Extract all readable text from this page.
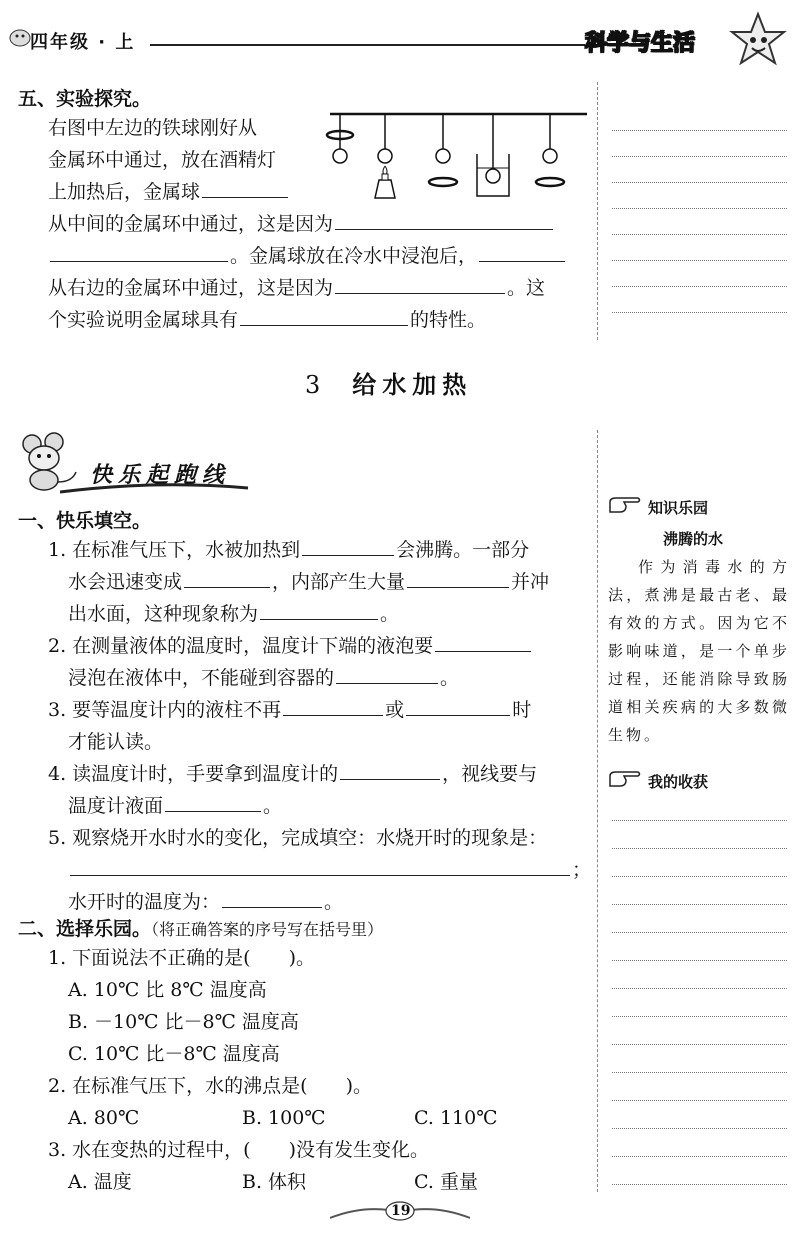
四年级 · 上	科学与生活
五、实验探究。
右图中左边的铁球刚好从
金属环中通过，放在酒精灯
上加热后，金属球
从中间的金属环中通过，这是因为
。金属球放在冷水中浸泡后，
从右边的金属环中通过，这是因为	。这
个实验说明金属球具有	的特性。
3 给水加热
快乐起跑线
知识乐园
沸腾的水
作为消毒水的方法，煮沸是最古老、最有效的方式。因为它不影响味道，是一个单步过程，还能消除导致肠道相关疾病的大多数微生物。
我的收获
一、快乐填空。
1. 在标准气压下，水被加热到	会沸腾。一部分
水会迅速变成	，内部产生大量	并冲
出水面，这种现象称为	。
2. 在测量液体的温度时，温度计下端的液泡要
浸泡在液体中，不能碰到容器的	。
3. 要等温度计内的液柱不再	或	时
才能认读。
4. 读温度计时，手要拿到温度计的	，视线要与
温度计液面	。
5. 观察烧开水时水的变化，完成填空：水烧开时的现象是：
；
水开时的温度为：	。
二、选择乐园。（将正确答案的序号写在括号里）
1. 下面说法不正确的是(　　)。
A. 10℃ 比 8℃ 温度高
B. －10℃ 比－8℃ 温度高
C. 10℃ 比－8℃ 温度高
2. 在标准气压下，水的沸点是(　　)。
A. 80℃	B. 100℃	C. 110℃
3. 水在变热的过程中，(　　)没有发生变化。
A. 温度	B. 体积	C. 重量
19
